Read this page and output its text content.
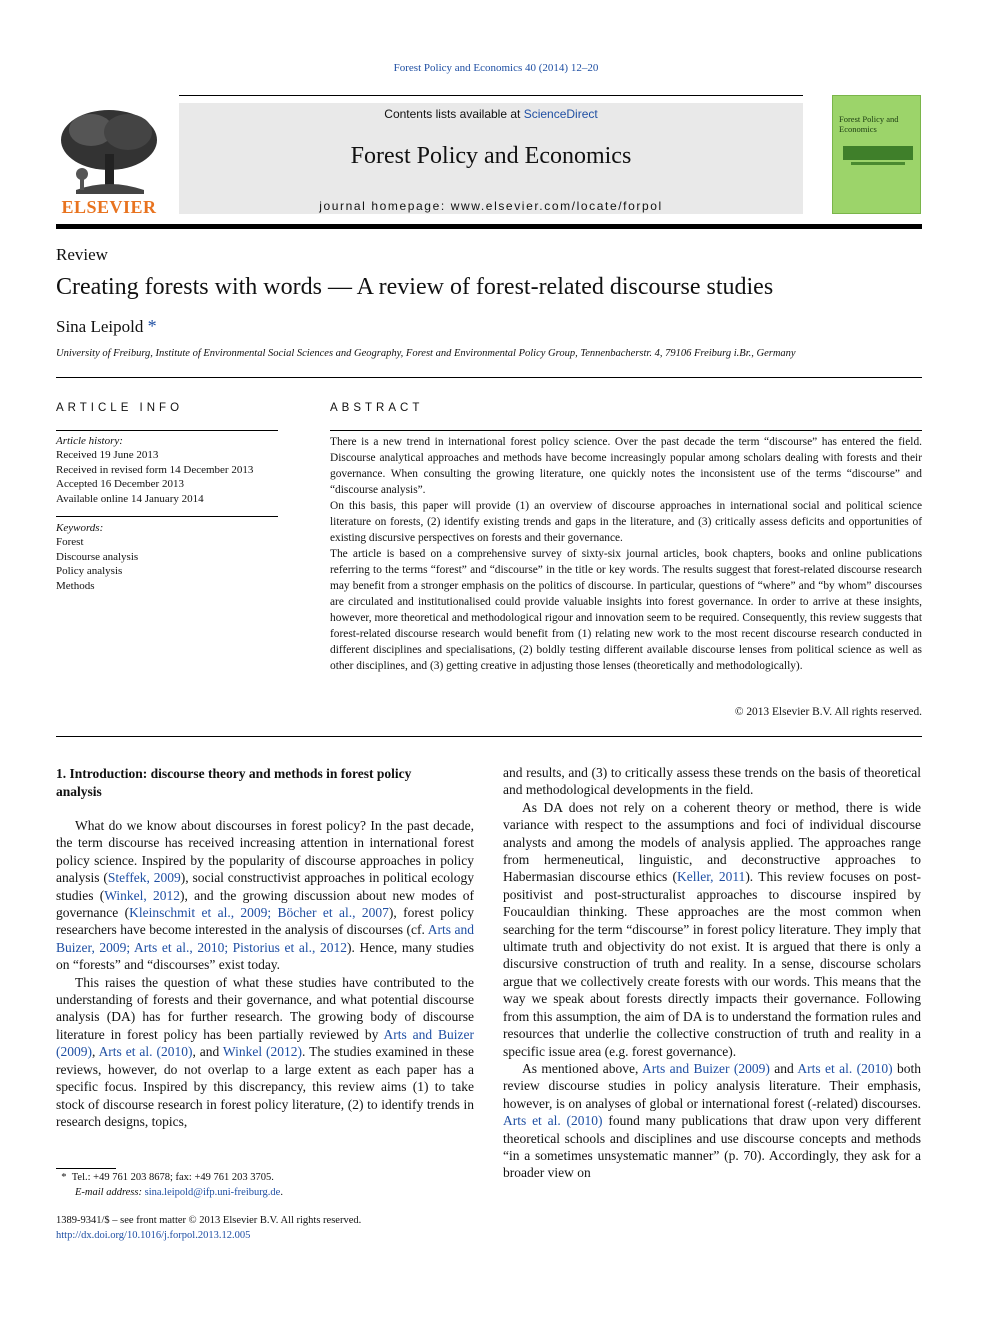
Forest Policy and Economics 40 (2014) 12–20
ELSEVIER
Contents lists available at ScienceDirect
Forest Policy and Economics
journal homepage: www.elsevier.com/locate/forpol
Forest Policy and Economics
Review
Creating forests with words — A review of forest-related discourse studies
Sina Leipold *
University of Freiburg, Institute of Environmental Social Sciences and Geography, Forest and Environmental Policy Group, Tennenbacherstr. 4, 79106 Freiburg i.Br., Germany
ARTICLE INFO
Article history:
Received 19 June 2013
Received in revised form 14 December 2013
Accepted 16 December 2013
Available online 14 January 2014
Keywords:
Forest
Discourse analysis
Policy analysis
Methods
ABSTRACT

There is a new trend in international forest policy science. Over the past decade the term “discourse” has entered the field. Discourse analytical approaches and methods have become increasingly popular among scholars dealing with forests and their governance. When consulting the growing literature, one quickly notes the inconsistent use of the terms “discourse” and “discourse analysis”.

On this basis, this paper will provide (1) an overview of discourse approaches in international social and political science literature on forests, (2) identify existing trends and gaps in the literature, and (3) critically assess deficits and opportunities of existing discursive perspectives on forests and their governance.

The article is based on a comprehensive survey of sixty-six journal articles, book chapters, books and online publications referring to the terms “forest” and “discourse” in the title or key words. The results suggest that forest-related discourse research may benefit from a stronger emphasis on the politics of discourse. In particular, questions of “where” and “by whom” discourses are circulated and institutionalised could provide valuable insights into forest governance. In order to arrive at these insights, however, more theoretical and methodological rigour and innovation seem to be required. Consequently, this review suggests that forest-related discourse research would benefit from (1) relating new work to the most recent discourse research conducted in different disciplines and specialisations, (2) boldly testing different available discourse lenses from political science as well as other disciplines, and (3) getting creative in adjusting those lenses (theoretically and methodologically).

© 2013 Elsevier B.V. All rights reserved.
1. Introduction: discourse theory and methods in forest policy analysis

What do we know about discourses in forest policy? In the past decade, the term discourse has received increasing attention in international forest policy science. Inspired by the popularity of discourse approaches in policy analysis (Steffek, 2009), social constructivist approaches in political ecology studies (Winkel, 2012), and the growing discussion about new modes of governance (Kleinschmit et al., 2009; Böcher et al., 2007), forest policy researchers have become interested in the analysis of discourses (cf. Arts and Buizer, 2009; Arts et al., 2010; Pistorius et al., 2012). Hence, many studies on “forests” and “discourses” exist today.

This raises the question of what these studies have contributed to the understanding of forests and their governance, and what potential discourse analysis (DA) has for further research. The growing body of discourse literature in forest policy has been partially reviewed by Arts and Buizer (2009), Arts et al. (2010), and Winkel (2012). The studies examined in these reviews, however, do not overlap to a large extent as each paper has a specific focus. Inspired by this discrepancy, this review aims (1) to take stock of discourse research in forest policy literature, (2) to identify trends in research designs, topics,

and results, and (3) to critically assess these trends on the basis of theoretical and methodological developments in the field.

As DA does not rely on a coherent theory or method, there is wide variance with respect to the assumptions and foci of individual discourse analysts and among the models of analysis applied. The approaches range from hermeneutical, linguistic, and deconstructive approaches to Habermasian discourse ethics (Keller, 2011). This review focuses on post-positivist and post-structuralist approaches to discourse inspired by Foucauldian thinking. These approaches are the most common when searching for the term “discourse” in forest policy literature. They imply that ultimate truth and objectivity do not exist. It is argued that there is only a discursive construction of truth and reality. In a sense, discourse scholars argue that we collectively create forests with our words. This means that the way we speak about forests directly impacts their governance. Following from this assumption, the aim of DA is to understand the formation rules and resources that underlie the collective construction of truth and reality in a specific issue area (e.g. forest governance).

As mentioned above, Arts and Buizer (2009) and Arts et al. (2010) both review discourse studies in policy analysis literature. Their emphasis, however, is on analyses of global or international forest (-related) discourses. Arts et al. (2010) found many publications that draw upon very different theoretical schools and disciplines and use discourse concepts and methods “in a sometimes unsystematic manner” (p. 70). Accordingly, they ask for a broader view on

* Tel.: +49 761 203 8678; fax: +49 761 203 3705.
E-mail address: sina.leipold@ifp.uni-freiburg.de.
1389-9341/$ – see front matter © 2013 Elsevier B.V. All rights reserved.
http://dx.doi.org/10.1016/j.forpol.2013.12.005
